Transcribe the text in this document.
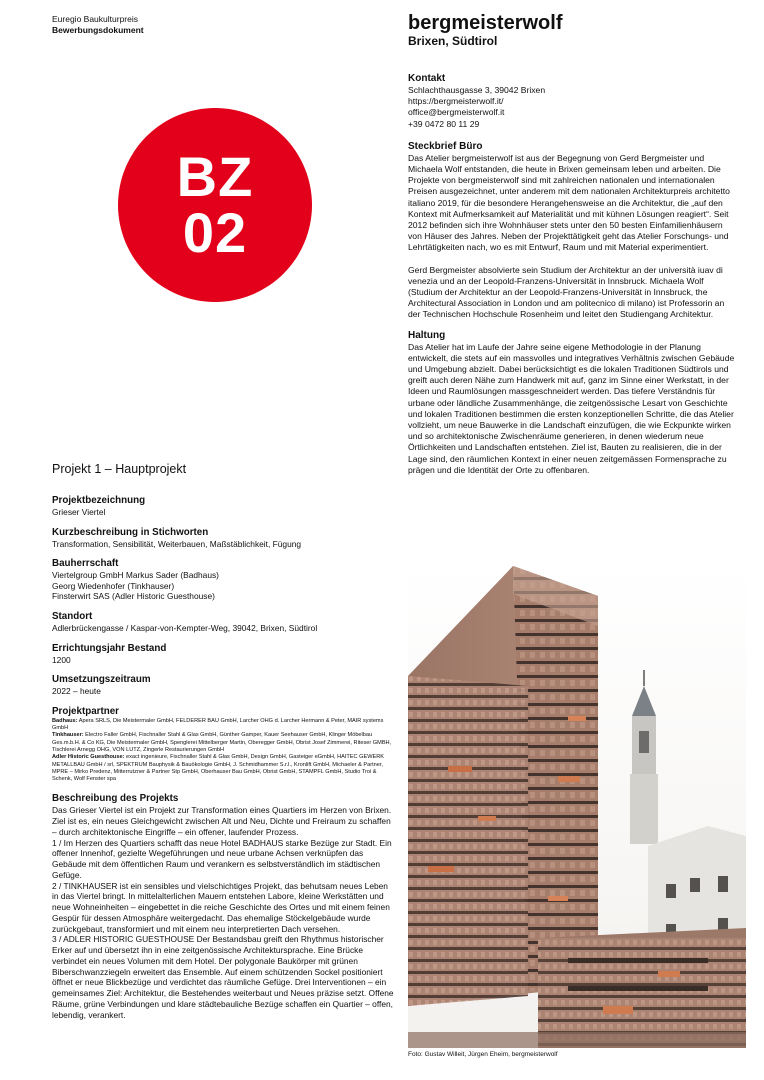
Euregio Baukulturpreis
Bewerbungsdokument
BZ
02
bergmeisterwolf
Brixen, Südtirol
Kontakt
Schlachthausgasse 3, 39042 Brixen
https://bergmeisterwolf.it/
office@bergmeisterwolf.it
+39 0472 80 11 29
Steckbrief Büro
Das Atelier bergmeisterwolf ist aus der Begegnung von Gerd Bergmeister und Michaela Wolf entstanden, die heute in Brixen gemeinsam leben und arbeiten. Die Projekte von bergmeisterwolf sind mit zahlreichen nationalen und internationalen Preisen ausgezeichnet, unter anderem mit dem nationalen Architekturpreis architetto italiano 2019, für die besondere Herangehensweise an die Architektur, die „auf den Kontext mit Aufmerksamkeit auf Materialität und mit kühnen Lösungen reagiert“. Seit 2012 befinden sich ihre Wohnhäuser stets unter den 50 besten Einfamilienhäusern von Häuser des Jahres. Neben der Projekttätigkeit geht das Atelier Forschungs- und Lehrtätigkeiten nach, wo es mit Entwurf, Raum und mit Material experimentiert.
Gerd Bergmeister absolvierte sein Studium der Architektur an der università iuav di venezia und an der Leopold-Franzens-Universität in Innsbruck. Michaela Wolf (Studium der Architektur an der Leopold-Franzens-Universität in Innsbruck, the Architectural Association in London und am politecnico di milano) ist Professorin an der Technischen Hochschule Rosenheim und leitet den Studiengang Architektur.
Haltung
Das Atelier hat im Laufe der Jahre seine eigene Methodologie in der Planung entwickelt, die stets auf ein massvolles und integratives Verhältnis zwischen Gebäude und Umgebung abzielt. Dabei berücksichtigt es die lokalen Traditionen Südtirols und greift auch deren Nähe zum Handwerk mit auf, ganz im Sinne einer Werkstatt, in der Ideen und Raumlösungen massgeschneidert werden. Das tiefere Verständnis für urbane oder ländliche Zusammenhänge, die zeitgenössische Lesart von Geschichte und lokalen Traditionen bestimmen die ersten konzeptionellen Schritte, die das Atelier vollzieht, um neue Bauwerke in die Landschaft einzufügen, die wie Eckpunkte wirken und so architektonische Zwischenräume generieren, in denen wiederum neue Örtlichkeiten und Landschaften entstehen. Ziel ist, Bauten zu realisieren, die in der Lage sind, den räumlichen Kontext in einer neuen zeitgemässen Formensprache zu prägen und die Identität der Orte zu offenbaren.
Projekt 1 – Hauptprojekt
Projektbezeichnung
Grieser Viertel
Kurzbeschreibung in Stichworten
Transformation, Sensibilität, Weiterbauen, Maßstäblichkeit, Fügung
Bauherrschaft
Viertelgroup GmbH Markus Sader (Badhaus)
Georg Wiedenhofer (Tinkhauser)
Finsterwirt SAS (Adler Historic Guesthouse)
Standort
Adlerbrückengasse / Kaspar-von-Kempter-Weg, 39042, Brixen, Südtirol
Errichtungsjahr Bestand
1200
Umsetzungszeitraum
2022 – heute
Projektpartner
Badhaus: Apera SRLS, Die Meistermaler GmbH, FELDERER BAU GmbH, Larcher OHG d. Larcher Hermann & Peter, MAIR systems GmbH
Tinkhauser: Electro Faller GmbH, Fischnaller Stahl & Glas GmbH, Günther Gamper, Kauer Seehauser GmbH, Klinger Möbelbau Ges.m.b.H. & Co KG, Die Meistermaler GmbH, Spenglerei Mittelberger Martin, Oberegger GmbH, Obrist Josef Zimmerei, Riteser GMBH, Tischlerei Arnegg OHG, VON LUTZ, Zingerle Restaurierungen GmbH
Adler Historic Guesthouse: exact ingenieure, Fischnaller Stahl & Glas GmbH, Design GmbH, Gasteiger eGmbH, HAITEC GEWERK METALLBAU GmbH / srl, SPEKTRUM Bauphysik & Bauökologie GmbH, J. Schmidhammer S.r.l., Kronlift GmbH, Michaeler & Partner, MPRE – Mirko Predenz, Mitterrutzner & Partner Stp GmbH, Oberhauser Bau GmbH, Obrist GmbH, STAMPFL GmbH, Studio Troi & Schenk, Wolf Fenster spa
Beschreibung des Projekts
Das Grieser Viertel ist ein Projekt zur Transformation eines Quartiers im Herzen von Brixen. Ziel ist es, ein neues Gleichgewicht zwischen Alt und Neu, Dichte und Freiraum zu schaffen – durch architektonische Eingriffe – ein offener, laufender Prozess.
1 / Im Herzen des Quartiers schafft das neue Hotel BADHAUS starke Bezüge zur Stadt. Ein offener Innenhof, gezielte Wegeführungen und neue urbane Achsen verknüpfen das Gebäude mit dem öffentlichen Raum und verankern es selbstverständlich im städtischen Gefüge.
2 / TINKHAUSER ist ein sensibles und vielschichtiges Projekt, das behutsam neues Leben in das Viertel bringt. In mittelalterlichen Mauern entstehen Labore, kleine Werkstätten und neue Wohneinheiten – eingebettet in die reiche Geschichte des Ortes und mit einem feinen Gespür für dessen Atmosphäre weitergedacht. Das ehemalige Stöckelgebäude wurde zurückgebaut, transformiert und mit einem neu interpretierten Dach versehen.
3 / ADLER HISTORIC GUESTHOUSE Der Bestandsbau greift den Rhythmus historischer Erker auf und übersetzt ihn in eine zeitgenössische Architektursprache. Eine Brücke verbindet ein neues Volumen mit dem Hotel. Der polygonale Baukörper mit grünen Biberschwanzziegeln erweitert das Ensemble. Auf einem schützenden Sockel positioniert öffnet er neue Blickbezüge und verdichtet das räumliche Gefüge. Drei Interventionen – ein gemeinsames Ziel: Architektur, die Bestehendes weiterbaut und Neues präzise setzt. Offene Räume, grüne Verbindungen und klare städtebauliche Bezüge schaffen ein Quartier – offen, lebendig, verankert.
Foto: Gustav Willeit, Jürgen Eheim, bergmeisterwolf
